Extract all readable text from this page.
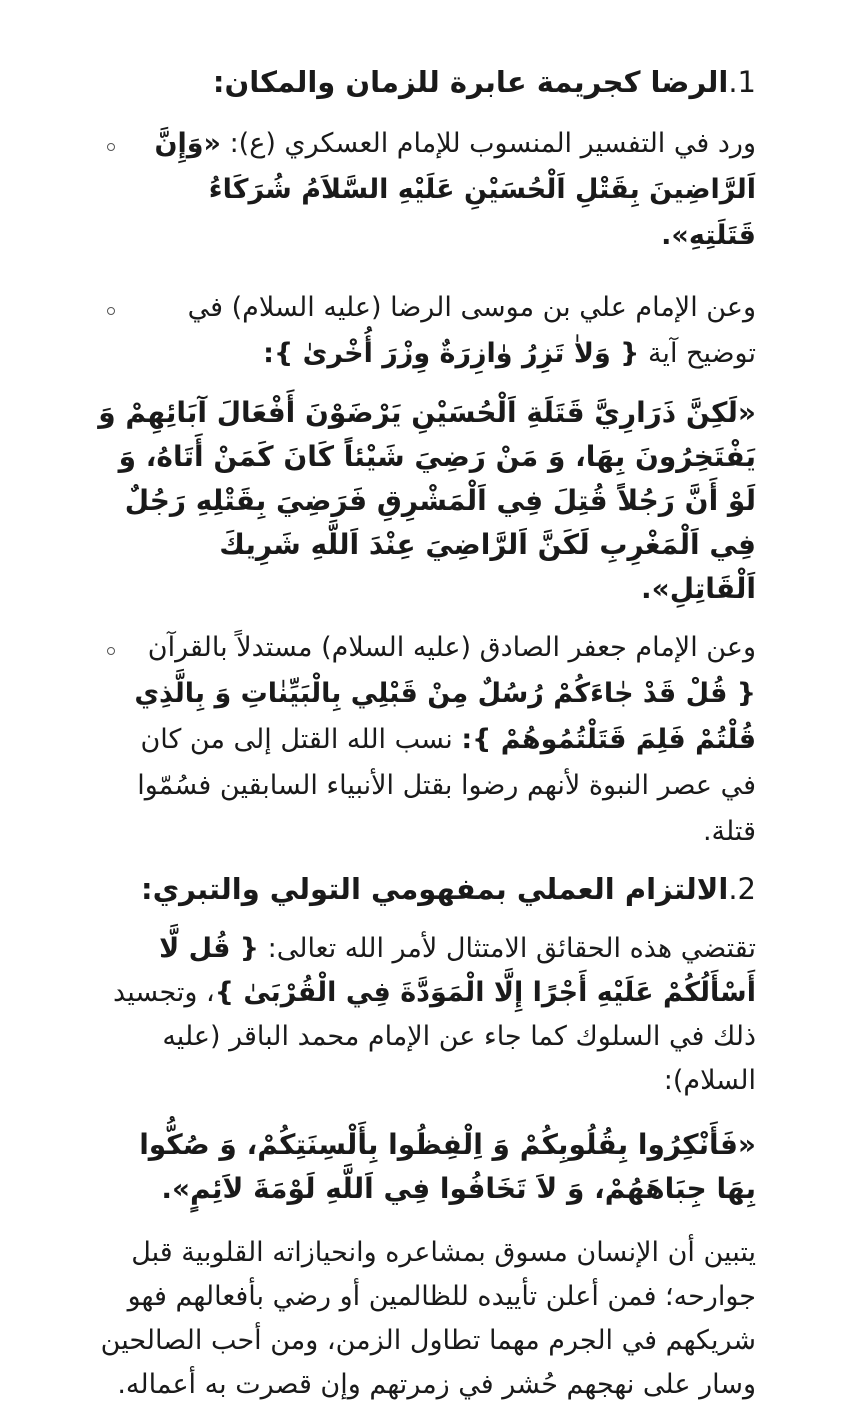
1.الرضا كجريمة عابرة للزمان والمكان:
ورد في التفسير المنسوب للإمام العسكري (ع): «وَإِنَّ اَلرَّاضِينَ بِقَتْلِ اَلْحُسَيْنِ عَلَيْهِ السَّلاَمُ شُرَكَاءُ قَتَلَتِهِ».
وعن الإمام علي بن موسى الرضا (عليه السلام) في توضيح آية { وَلاٰ تَزِرُ وٰازِرَةٌ وِزْرَ أُخْرىٰ }:

«لَكِنَّ ذَرَارِيَّ قَتَلَةِ اَلْحُسَيْنِ يَرْضَوْنَ أَفْعَالَ آبَائِهِمْ وَ يَفْتَخِرُونَ بِهَا، وَ مَنْ رَضِيَ شَيْئاً كَانَ كَمَنْ أَتَاهُ، وَ لَوْ أَنَّ رَجُلاً قُتِلَ فِي اَلْمَشْرِقِ فَرَضِيَ بِقَتْلِهِ رَجُلٌ فِي اَلْمَغْرِبِ لَكَنَّ اَلرَّاضِيَ عِنْدَ اَللَّهِ شَرِيكَ اَلْقَاتِلِ».

وعن الإمام جعفر الصادق (عليه السلام) مستدلاً بالقرآن { قُلْ قَدْ جٰاءَكُمْ رُسُلٌ مِنْ قَبْلِي بِالْبَيِّنٰاتِ وَ بِالَّذِي قُلْتُمْ فَلِمَ قَتَلْتُمُوهُمْ }: نسب الله القتل إلى من كان في عصر النبوة لأنهم رضوا بقتل الأنبياء السابقين فسُمّوا قتلة.
2.الالتزام العملي بمفهومي التولي والتبري:

تقتضي هذه الحقائق الامتثال لأمر الله تعالى: { قُل لَّا أَسْأَلُكُمْ عَلَيْهِ أَجْرًا إِلَّا الْمَوَدَّةَ فِي الْقُرْبَىٰ }، وتجسيد ذلك في السلوك كما جاء عن الإمام محمد الباقر (عليه السلام):

«فَأَنْكِرُوا بِقُلُوبِكُمْ وَ اِلْفِظُوا بِأَلْسِنَتِكُمْ، وَ صُكُّوا بِهَا جِبَاهَهُمْ، وَ لاَ تَخَافُوا فِي اَللَّهِ لَوْمَةَ لاَئِمٍ».

يتبين أن الإنسان مسوق بمشاعره وانحيازاته القلوبية قبل جوارحه؛ فمن أعلن تأييده للظالمين أو رضي بأفعالهم فهو شريكهم في الجرم مهما تطاول الزمن، ومن أحب الصالحين وسار على نهجهم حُشر في زمرتهم وإن قصرت به أعماله.
